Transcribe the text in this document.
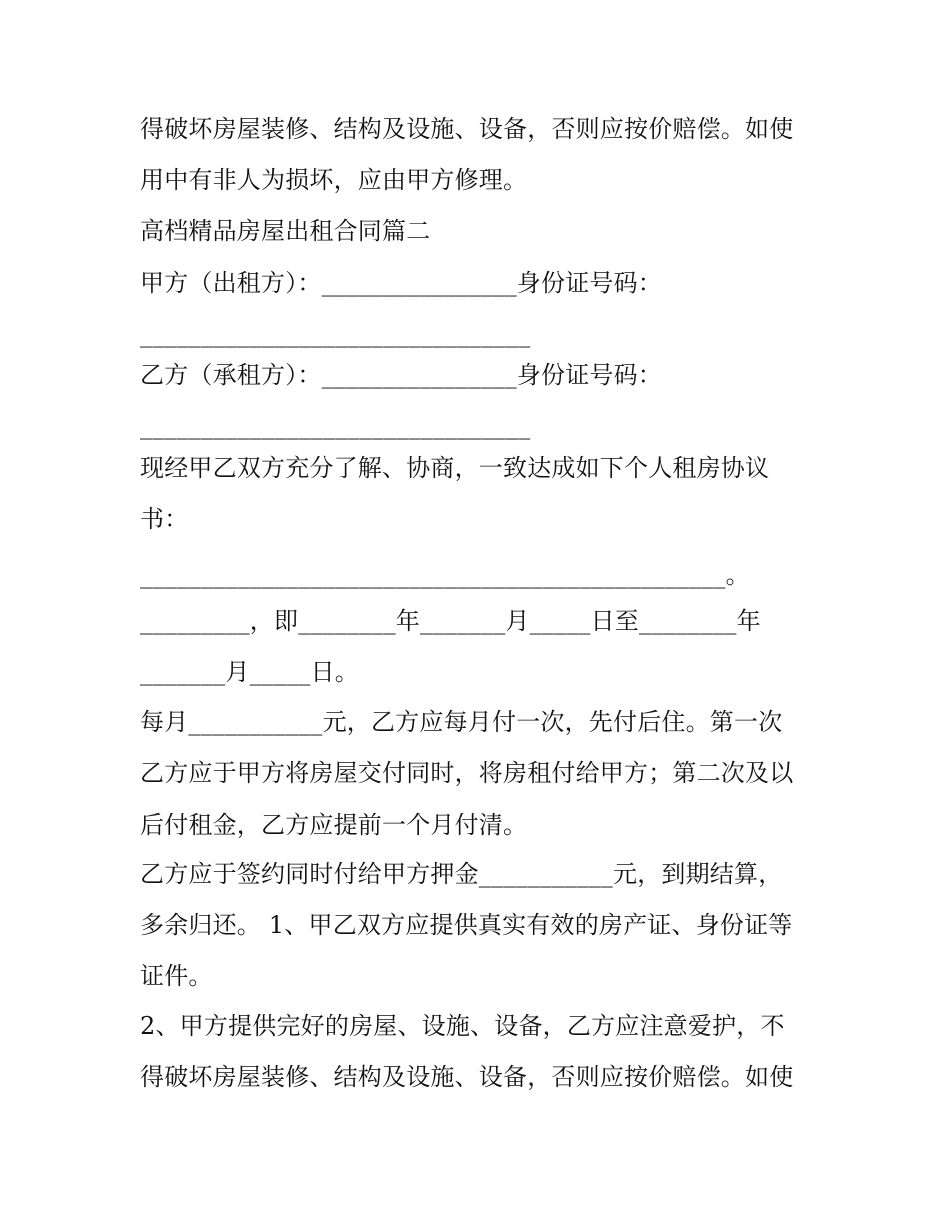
得破坏房屋装修、结构及设施、设备，否则应按价赔偿。如使
用中有非人为损坏，应由甲方修理。
高档精品房屋出租合同篇二
甲方（出租方）：________________身份证号码：
________________________________
乙方（承租方）：________________身份证号码：
________________________________
现经甲乙双方充分了解、协商，一致达成如下个人租房协议
书：
________________________________________________。
_________，即________年_______月_____日至________年
_______月_____日。
每月___________元，乙方应每月付一次，先付后住。第一次
乙方应于甲方将房屋交付同时，将房租付给甲方；第二次及以
后付租金，乙方应提前一个月付清。
乙方应于签约同时付给甲方押金___________元，到期结算，
多余归还。 1、甲乙双方应提供真实有效的房产证、身份证等
证件。
2、甲方提供完好的房屋、设施、设备，乙方应注意爱护，不
得破坏房屋装修、结构及设施、设备，否则应按价赔偿。如使
